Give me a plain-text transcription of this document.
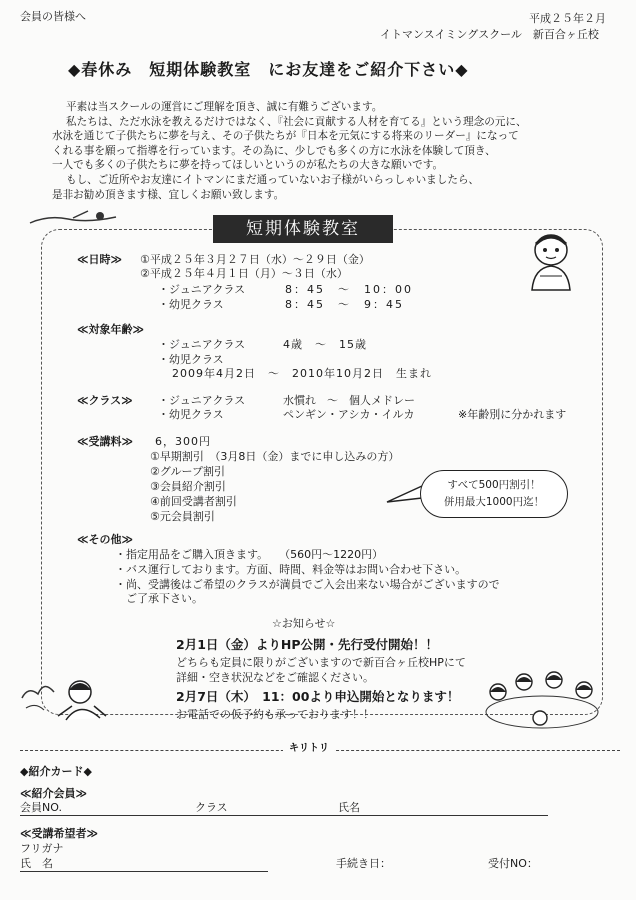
会員の皆様へ	平成２５年２月
イトマンスイミングスクール　新百合ヶ丘校
◆春休み　短期体験教室　にお友達をご紹介下さい◆
平素は当スクールの運営にご理解を頂き、誠に有難うございます。
私たちは、ただ水泳を教えるだけではなく、『社会に貢献する人材を育てる』という理念の元に、
水泳を通じて子供たちに夢を与え、その子供たちが『日本を元気にする将来のリーダー』になって
くれる事を願って指導を行っています。その為に、少しでも多くの方に水泳を体験して頂き、
一人でも多くの子供たちに夢を持ってほしいというのが私たちの大きな願いです。
もし、ご近所やお友達にイトマンにまだ通っていないお子様がいらっしゃいましたら、
是非お勧め頂きます様、宜しくお願い致します。
短期体験教室
≪日時≫ ①平成２５年３月２７日（水）～２９日（金）
②平成２５年４月１日（月）～３日（水）
・ジュニアクラス	8：45　～　10：00
・幼児クラス	8：45　～　9：45
≪対象年齢≫
・ジュニアクラス	4歳　～　15歳
・幼児クラス
2009年4月2日　～　2010年10月2日　生まれ
≪クラス≫ ・ジュニアクラス	水慣れ　～　個人メドレー
・幼児クラス	ペンギン・アシカ・イルカ	※年齢別に分かれます
≪受講料≫ 6，300円
①早期割引　（3月8日（金）までに申し込みの方）
②グループ割引
③会員紹介割引
④前回受講者割引
⑤元会員割引
すべて500円割引！
併用最大1000円迄！
≪その他≫
・指定用品をご購入頂きます。　　（560円～1220円）
・バス運行しております。方面、時間、料金等はお問い合わせ下さい。
・尚、受講後はご希望のクラスが満員でご入会出来ない場合がございますので
　ご了承下さい。
☆お知らせ☆
2月1日（金）よりHP公開・先行受付開始！！
どちらも定員に限りがございますので新百合ヶ丘校HPにて
詳細・空き状況などをご確認ください。
2月7日（木）　11：00より申込開始となります！
お電話での仮予約も承っております！！
キリトリ
◆紹介カード◆
≪紹介会員≫
会員NO.	クラス	氏名
≪受講希望者≫
フリガナ
氏　名	手続き日：	受付NO：
